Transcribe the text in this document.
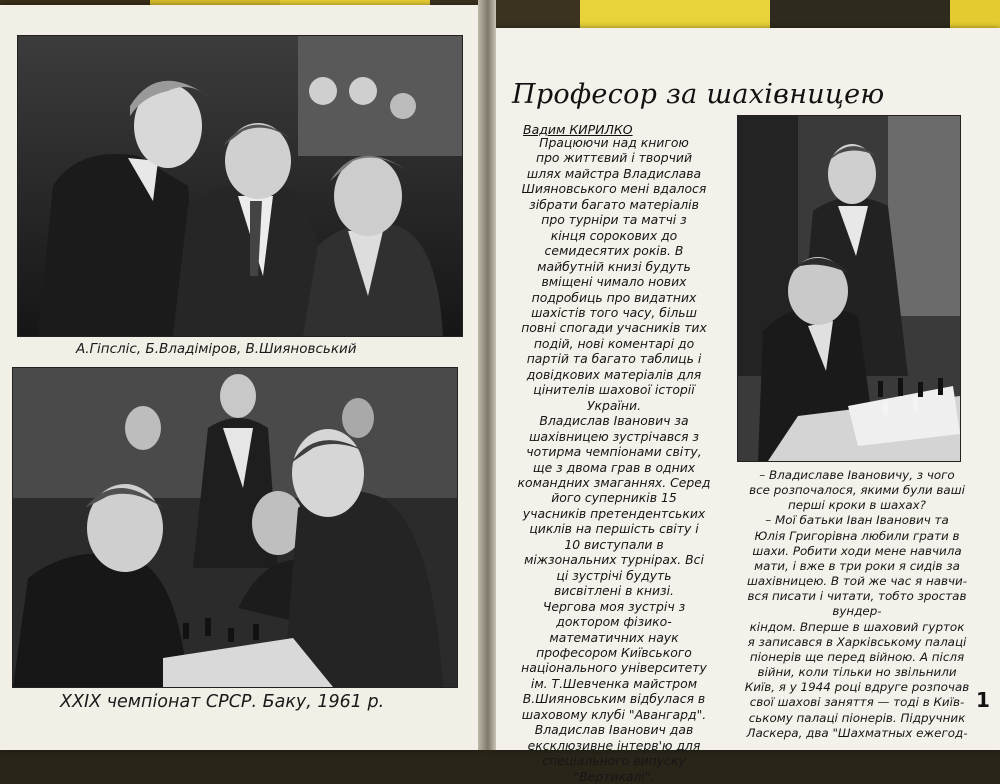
А.Гіпсліс, Б.Владіміров, В.Шияновський
XXIX чемпіонат СРСР. Баку, 1961 р.
Професор за шахівницею
Вадим КИРИЛКО

Працюючи над книгою

про життєвий і творчий

шлях майстра Владислава

Шияновського мені вдалося

зібрати багато матеріалів

про турніри та матчі з

кінця сорокових до

семидесятих років. В

майбутній книзі будуть

вміщені чимало нових

подробиць про видатних

шахістів того часу, більш

повні спогади учасників тих

подій, нові коментарі до

партій та багато таблиць і

довідкових матеріалів для

цінителів шахової історії

України.

Владислав Іванович за

шахівницею зустрічався з

чотирма чемпіонами світу,

ще з двома грав в одних

командних змаганнях. Серед

його суперників 15

учасників претендентських

циклів на першість світу і

10 виступали в

міжзональних турнірах. Всі

ці зустрічі будуть

висвітлені в книзі.

Чергова моя зустріч з

доктором фізико-

математичних наук

професором Київського

національного університету

ім. Т.Шевченка майстром

В.Шияновським відбулася в

шаховому клубі "Авангард".

Владислав Іванович дав

ексклюзивне інтерв'ю для

спеціального випуску

"Вертикалі".

– Владиславе Івановичу, з чого

все розпочалося, якими були ваші

перші кроки в шахах?

– Мої батьки Іван Іванович та

Юлія Григорівна любили грати в

шахи. Робити ходи мене навчила

мати, і вже в три роки я сидів за

шахівницею. В той же час я навчи-

вся писати і читати, тобто зростав вундер-

кіндом. Вперше в шаховий гурток

я записався в Харківському палаці

піонерів ще перед війною. А після

війни, коли тільки но звільнили

Київ, я у 1944 році вдруге розпочав

свої шахові заняття — тоді в Київ-

ському палаці піонерів. Підручник

Ласкера, два "Шахматных ежегод-

1
